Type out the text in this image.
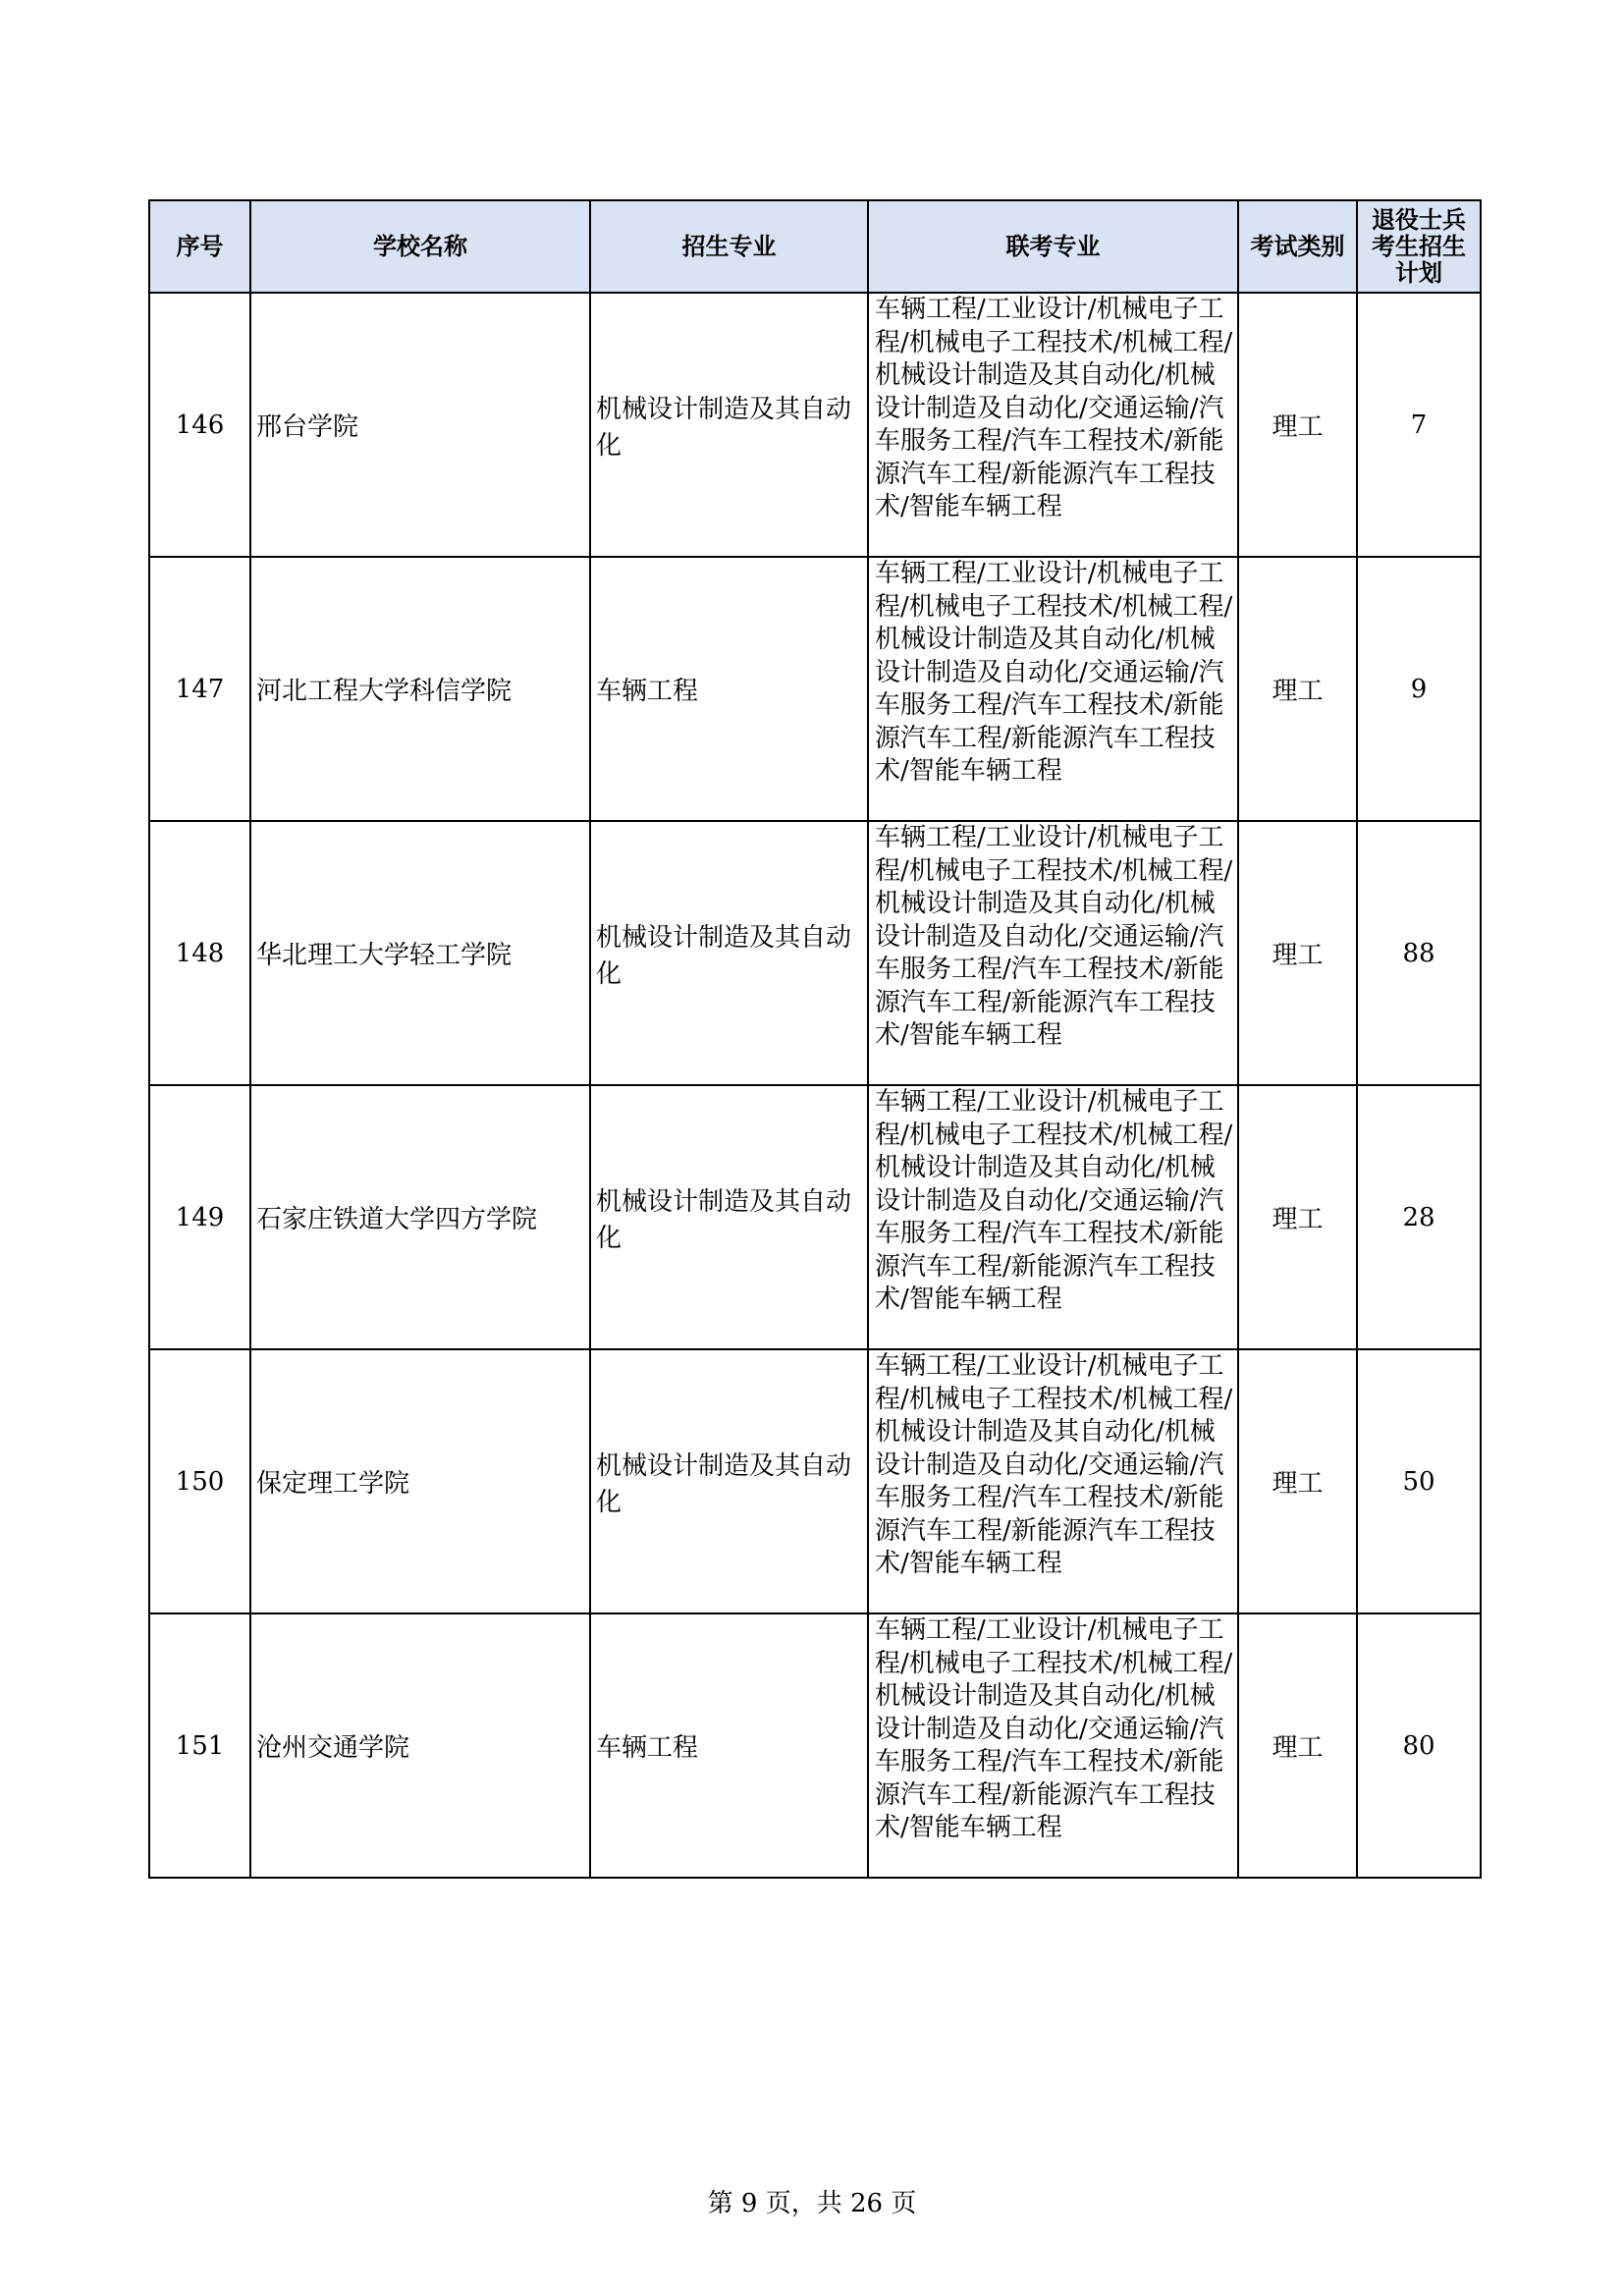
序号	学校名称	招生专业	联考专业	考试类别	退役士兵考生招生计划
146	邢台学院	机械设计制造及其自动化	车辆工程/工业设计/机械电子工程/机械电子工程技术/机械工程/机械设计制造及其自动化/机械设计制造及自动化/交通运输/汽车服务工程/汽车工程技术/新能源汽车工程/新能源汽车工程技术/智能车辆工程	理工	7
147	河北工程大学科信学院	车辆工程	车辆工程/工业设计/机械电子工程/机械电子工程技术/机械工程/机械设计制造及其自动化/机械设计制造及自动化/交通运输/汽车服务工程/汽车工程技术/新能源汽车工程/新能源汽车工程技术/智能车辆工程	理工	9
148	华北理工大学轻工学院	机械设计制造及其自动化	车辆工程/工业设计/机械电子工程/机械电子工程技术/机械工程/机械设计制造及其自动化/机械设计制造及自动化/交通运输/汽车服务工程/汽车工程技术/新能源汽车工程/新能源汽车工程技术/智能车辆工程	理工	88
149	石家庄铁道大学四方学院	机械设计制造及其自动化	车辆工程/工业设计/机械电子工程/机械电子工程技术/机械工程/机械设计制造及其自动化/机械设计制造及自动化/交通运输/汽车服务工程/汽车工程技术/新能源汽车工程/新能源汽车工程技术/智能车辆工程	理工	28
150	保定理工学院	机械设计制造及其自动化	车辆工程/工业设计/机械电子工程/机械电子工程技术/机械工程/机械设计制造及其自动化/机械设计制造及自动化/交通运输/汽车服务工程/汽车工程技术/新能源汽车工程/新能源汽车工程技术/智能车辆工程	理工	50
151	沧州交通学院	车辆工程	车辆工程/工业设计/机械电子工程/机械电子工程技术/机械工程/机械设计制造及其自动化/机械设计制造及自动化/交通运输/汽车服务工程/汽车工程技术/新能源汽车工程/新能源汽车工程技术/智能车辆工程	理工	80
第 9 页，共 26 页
